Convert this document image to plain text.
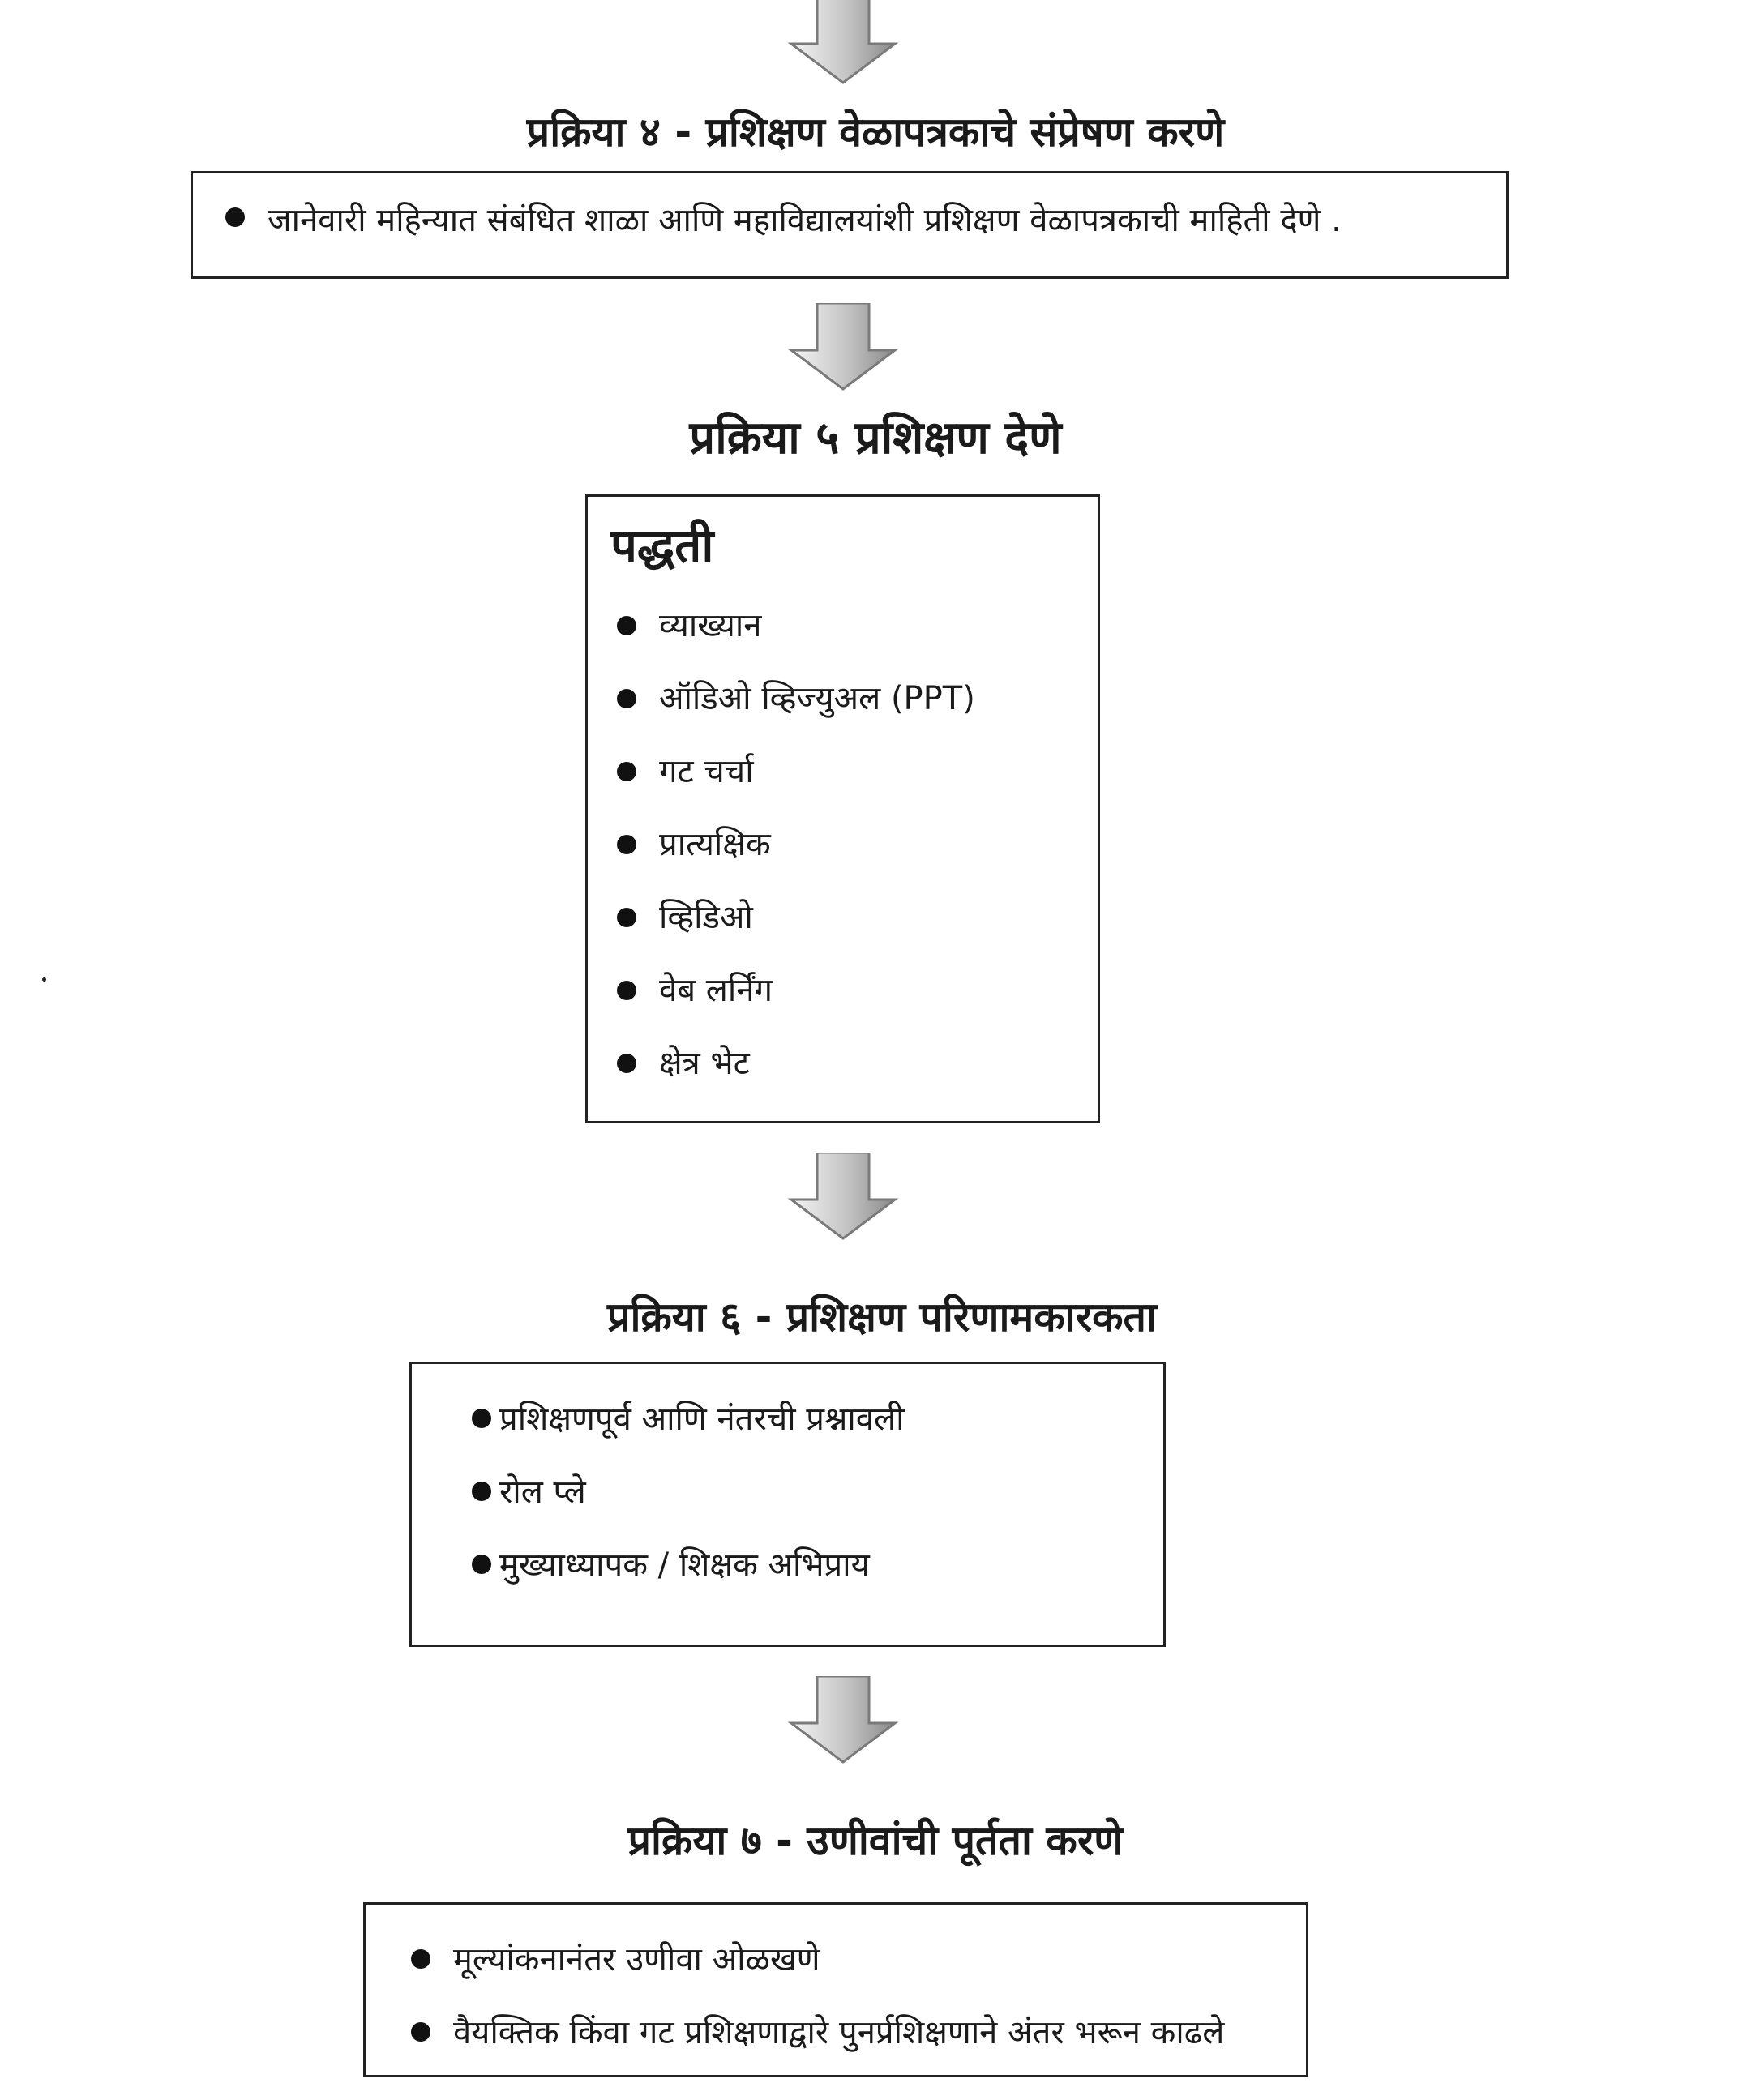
प्रक्रिया ४ - प्रशिक्षण वेळापत्रकाचे संप्रेषण करणे
जानेवारी महिन्यात संबंधित शाळा आणि महाविद्यालयांशी प्रशिक्षण वेळापत्रकाची माहिती देणे .
प्रक्रिया ५ प्रशिक्षण देणे
पद्धती
व्याख्यान
ऑडिओ व्हिज्युअल (PPT)
गट चर्चा
प्रात्यक्षिक
व्हिडिओ
वेब लर्निंग
क्षेत्र भेट
प्रक्रिया ६ - प्रशिक्षण परिणामकारकता
प्रशिक्षणपूर्व आणि नंतरची प्रश्नावली
रोल प्ले
मुख्याध्यापक / शिक्षक अभिप्राय
प्रक्रिया ७ - उणीवांची पूर्तता करणे
मूल्यांकनानंतर उणीवा ओळखणे
वैयक्तिक किंवा गट प्रशिक्षणाद्वारे पुनर्प्रशिक्षणाने अंतर भरून काढले
